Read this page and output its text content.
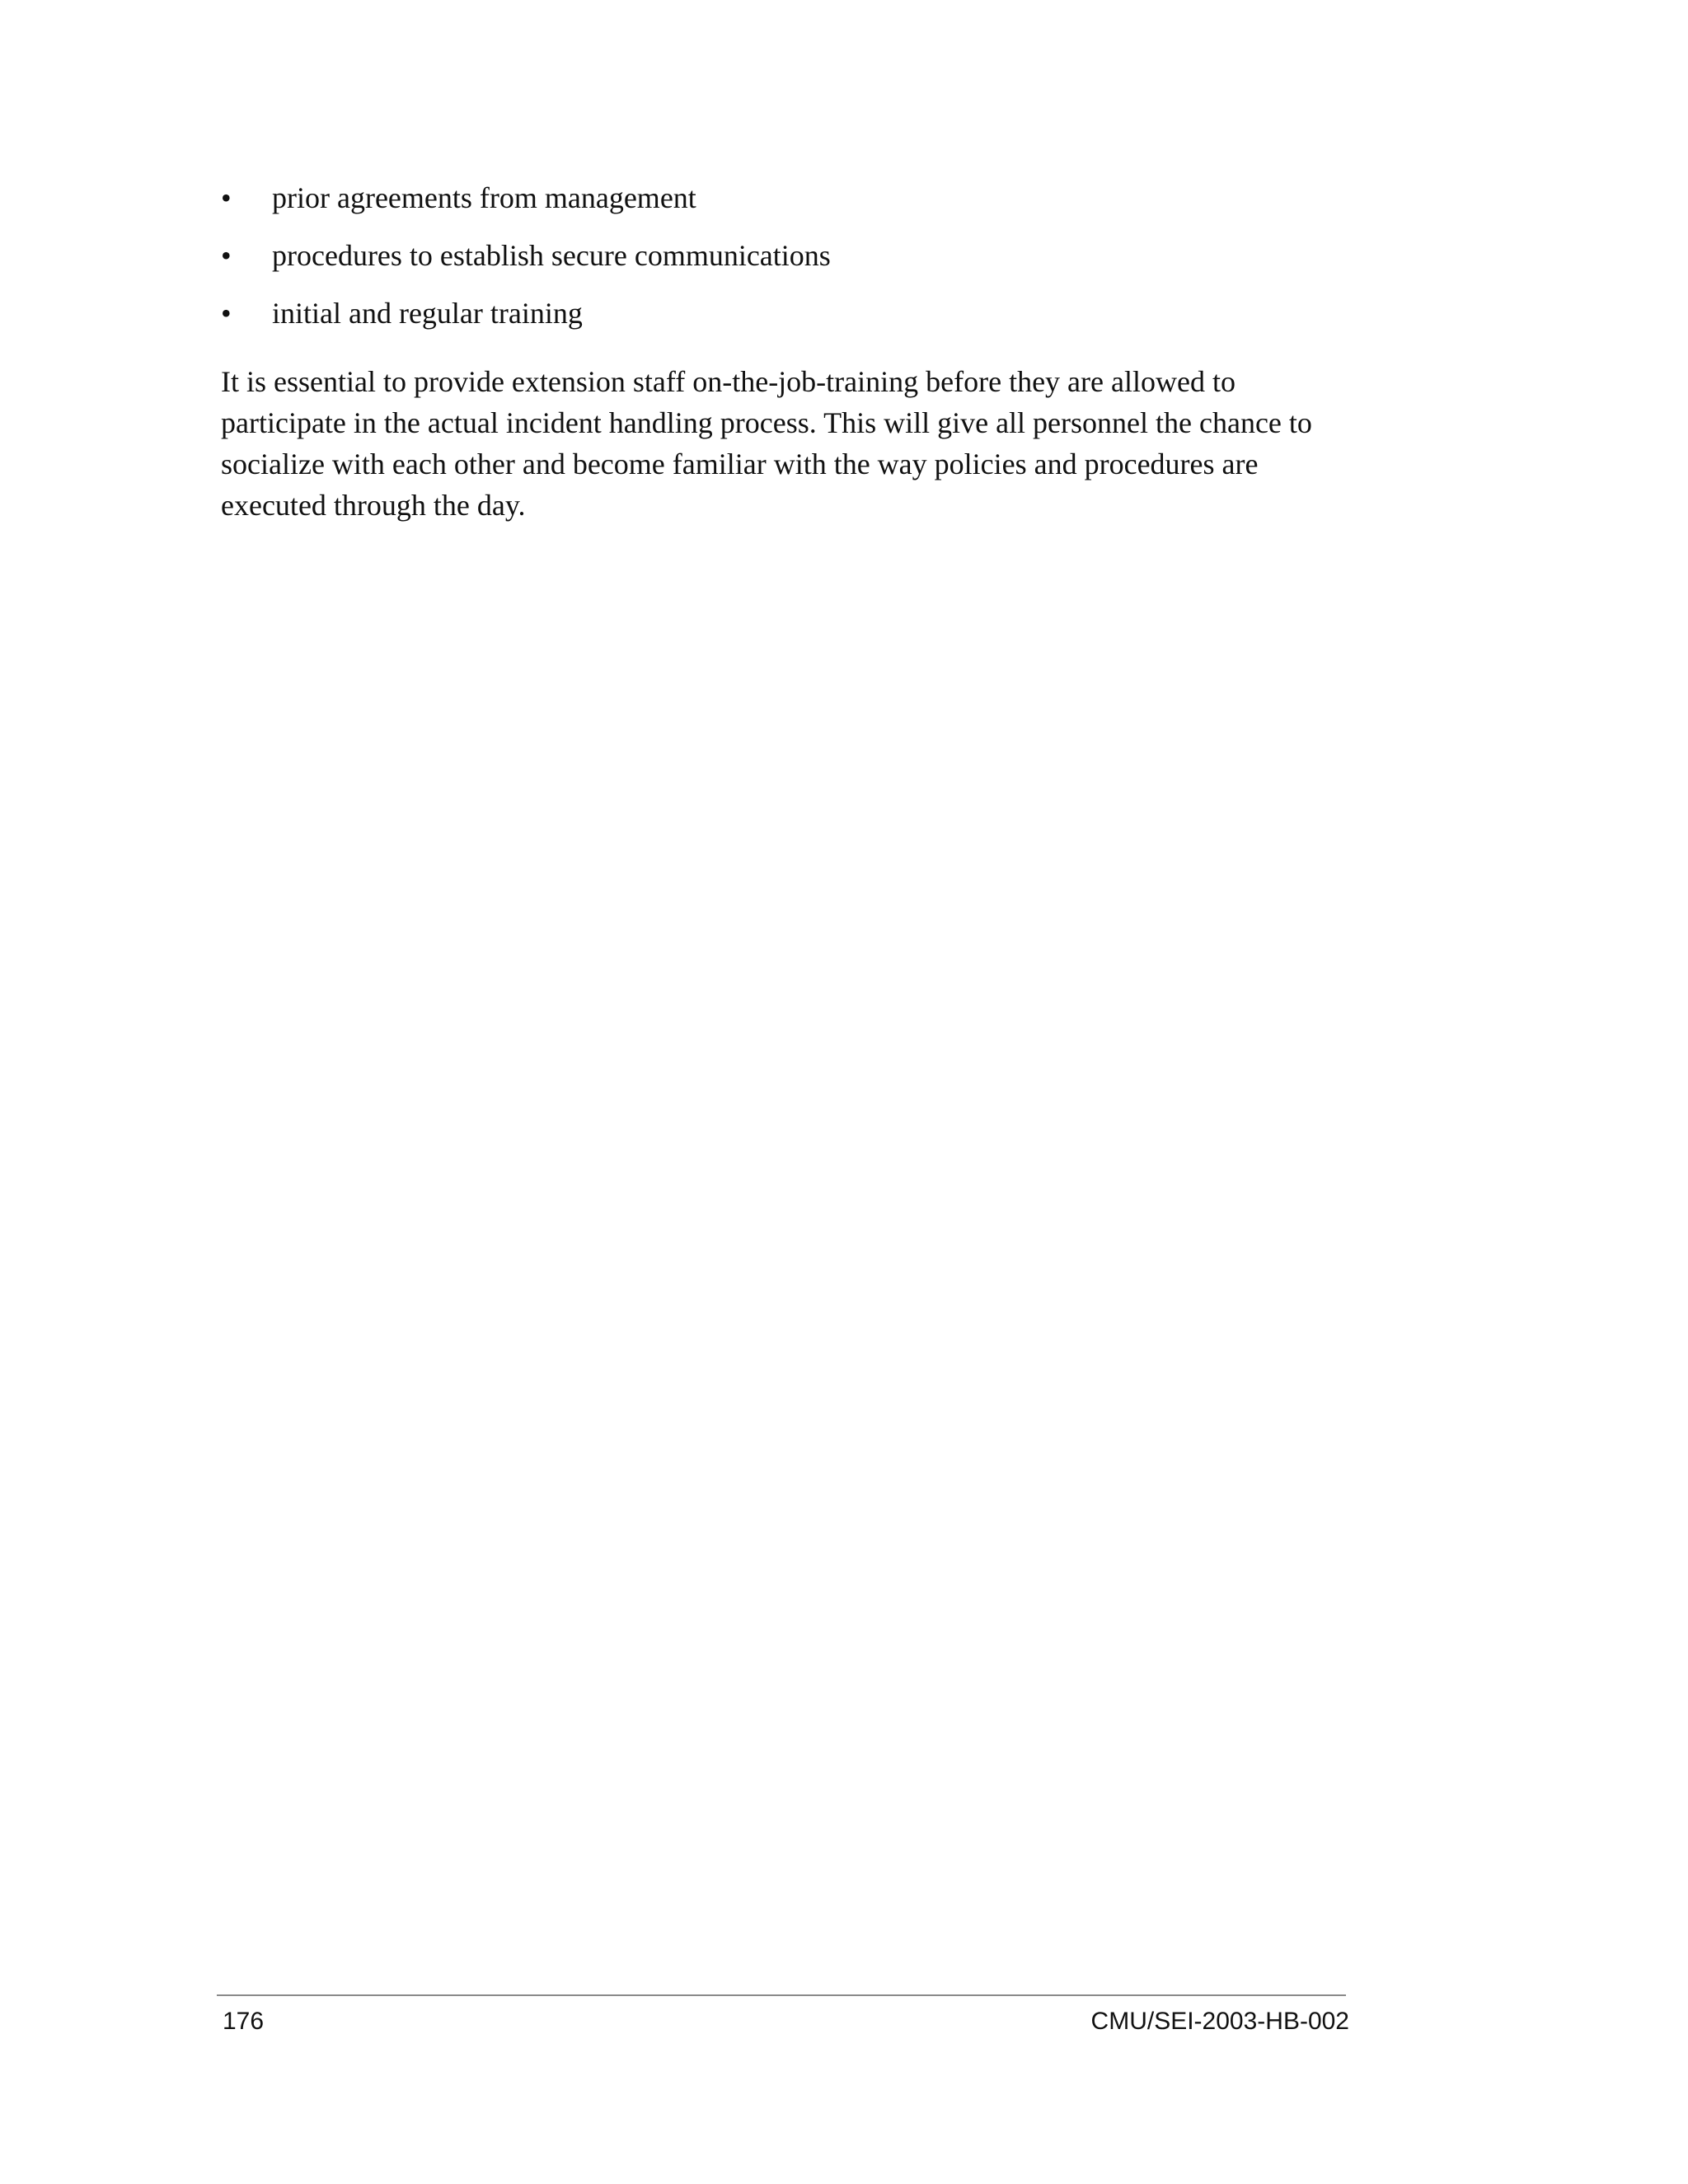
•	prior agreements from management
•	procedures to establish secure communications
•	initial and regular training

It is essential to provide extension staff on-the-job-training before they are allowed to
participate in the actual incident handling process. This will give all personnel the chance to
socialize with each other and become familiar with the way policies and procedures are
executed through the day.

176	CMU/SEI-2003-HB-002
